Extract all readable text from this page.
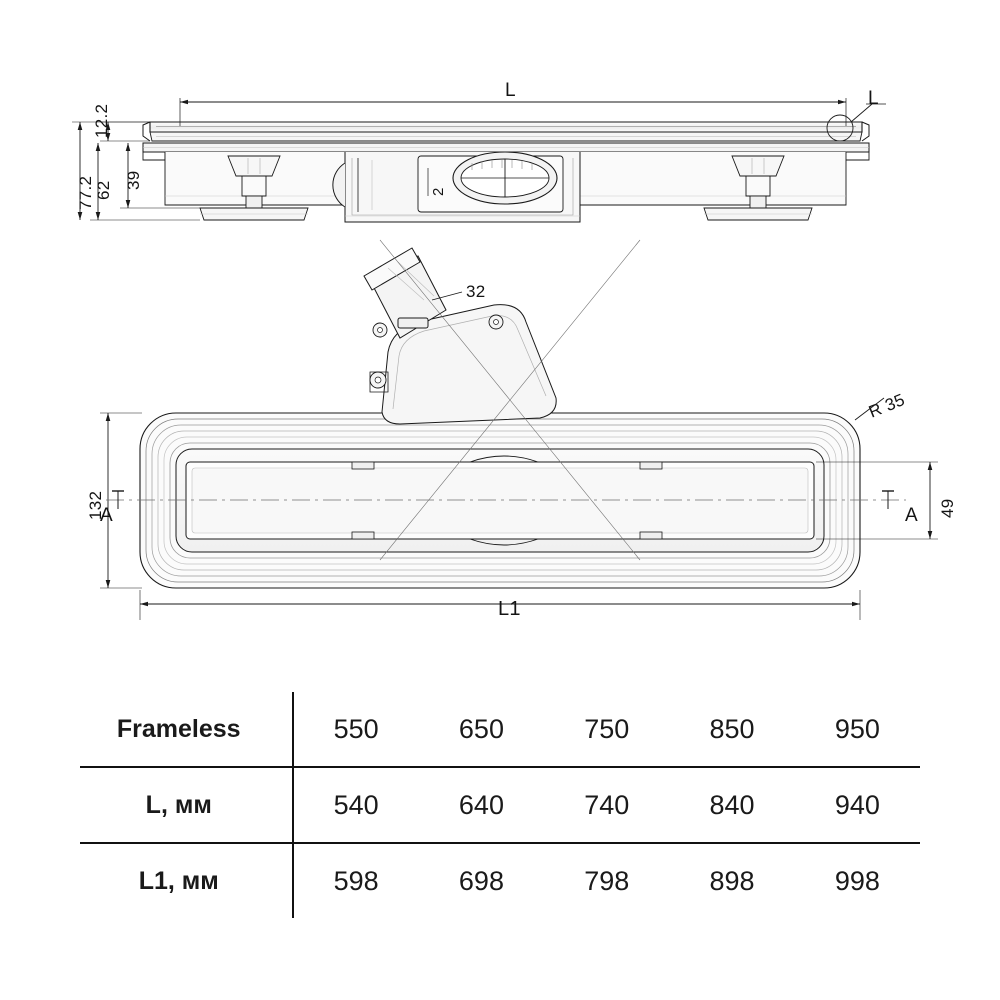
L	L
12.2
39
62
77.2	2
32
R 35
132	49
L1
A	A
Frameless	550	650	750	850	950
L, мм	540	640	740	840	940
L1, мм	598	698	798	898	998
